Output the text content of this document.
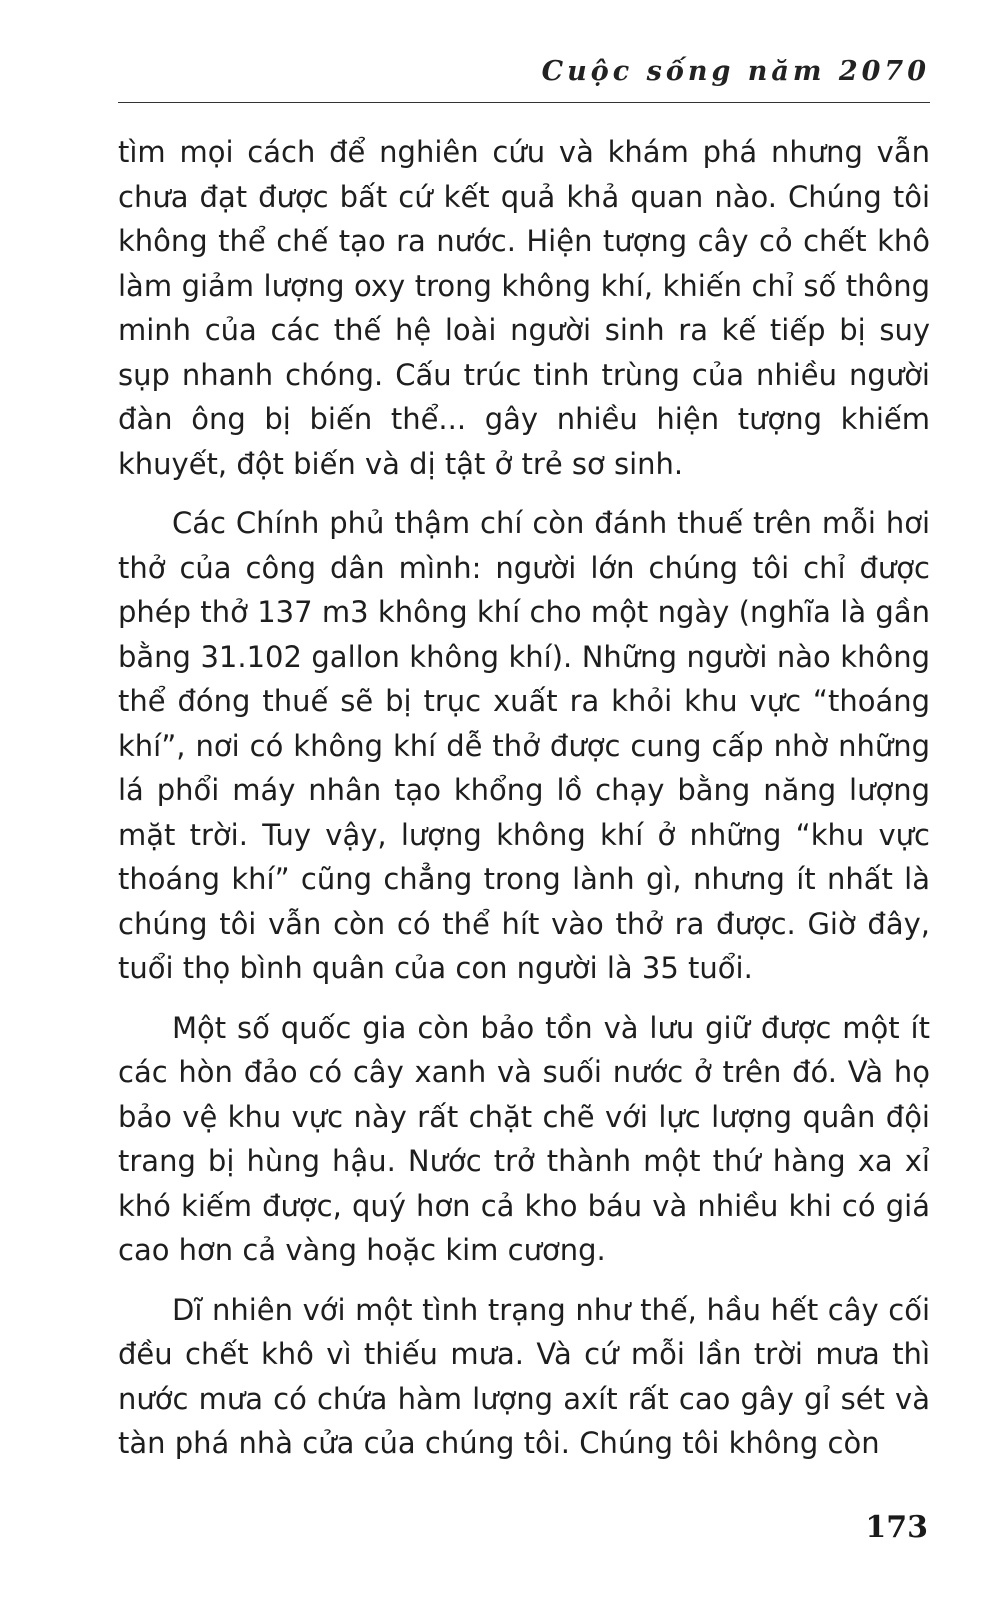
Cuộc sống năm 2070

tìm mọi cách để nghiên cứu và khám phá nhưng vẫn chưa đạt được bất cứ kết quả khả quan nào. Chúng tôi không thể chế tạo ra nước. Hiện tượng cây cỏ chết khô làm giảm lượng oxy trong không khí, khiến chỉ số thông minh của các thế hệ loài người sinh ra kế tiếp bị suy sụp nhanh chóng. Cấu trúc tinh trùng của nhiều người đàn ông bị biến thể... gây nhiều hiện tượng khiếm khuyết, đột biến và dị tật ở trẻ sơ sinh.

Các Chính phủ thậm chí còn đánh thuế trên mỗi hơi thở của công dân mình: người lớn chúng tôi chỉ được phép thở 137 m3 không khí cho một ngày (nghĩa là gần bằng 31.102 gallon không khí). Những người nào không thể đóng thuế sẽ bị trục xuất ra khỏi khu vực “thoáng khí”, nơi có không khí dễ thở được cung cấp nhờ những lá phổi máy nhân tạo khổng lồ chạy bằng năng lượng mặt trời. Tuy vậy, lượng không khí ở những “khu vực thoáng khí” cũng chẳng trong lành gì, nhưng ít nhất là chúng tôi vẫn còn có thể hít vào thở ra được. Giờ đây, tuổi thọ bình quân của con người là 35 tuổi.

Một số quốc gia còn bảo tồn và lưu giữ được một ít các hòn đảo có cây xanh và suối nước ở trên đó. Và họ bảo vệ khu vực này rất chặt chẽ với lực lượng quân đội trang bị hùng hậu. Nước trở thành một thứ hàng xa xỉ khó kiếm được, quý hơn cả kho báu và nhiều khi có giá cao hơn cả vàng hoặc kim cương.

Dĩ nhiên với một tình trạng như thế, hầu hết cây cối đều chết khô vì thiếu mưa. Và cứ mỗi lần trời mưa thì nước mưa có chứa hàm lượng axít rất cao gây gỉ sét và tàn phá nhà cửa của chúng tôi. Chúng tôi không còn

173
